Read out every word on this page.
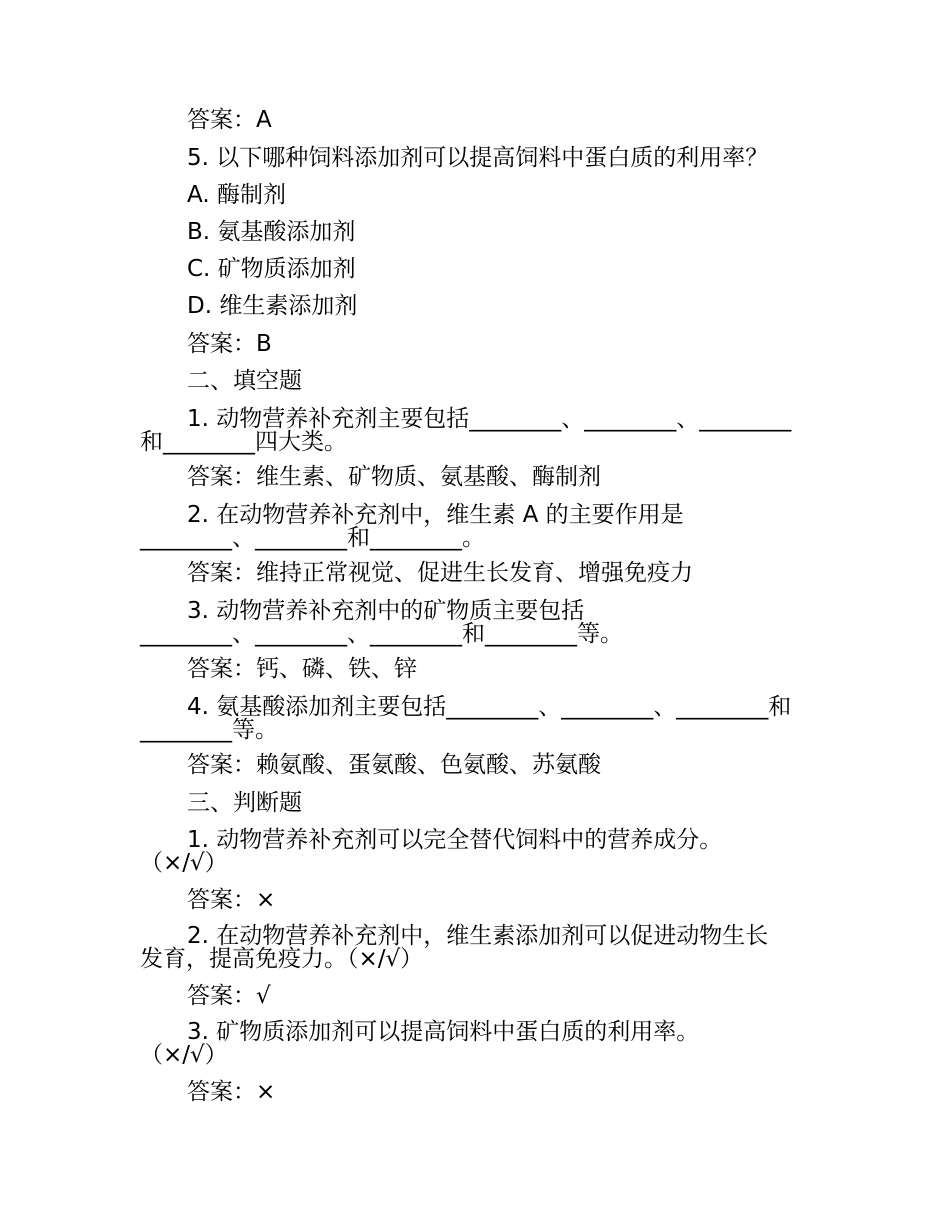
答案：A
5. 以下哪种饲料添加剂可以提高饲料中蛋白质的利用率？
A. 酶制剂
B. 氨基酸添加剂
C. 矿物质添加剂
D. 维生素添加剂
答案：B
二、填空题
1. 动物营养补充剂主要包括________、________、________
和________四大类。
答案：维生素、矿物质、氨基酸、酶制剂
2. 在动物营养补充剂中，维生素 A 的主要作用是
________、________和________。
答案：维持正常视觉、促进生长发育、增强免疫力
3. 动物营养补充剂中的矿物质主要包括
________、________、________和________等。
答案：钙、磷、铁、锌
4. 氨基酸添加剂主要包括________、________、________和
________等。
答案：赖氨酸、蛋氨酸、色氨酸、苏氨酸
三、判断题
1. 动物营养补充剂可以完全替代饲料中的营养成分。
（×/√）
答案：×
2. 在动物营养补充剂中，维生素添加剂可以促进动物生长
发育，提高免疫力。（×/√）
答案：√
3. 矿物质添加剂可以提高饲料中蛋白质的利用率。
（×/√）
答案：×
